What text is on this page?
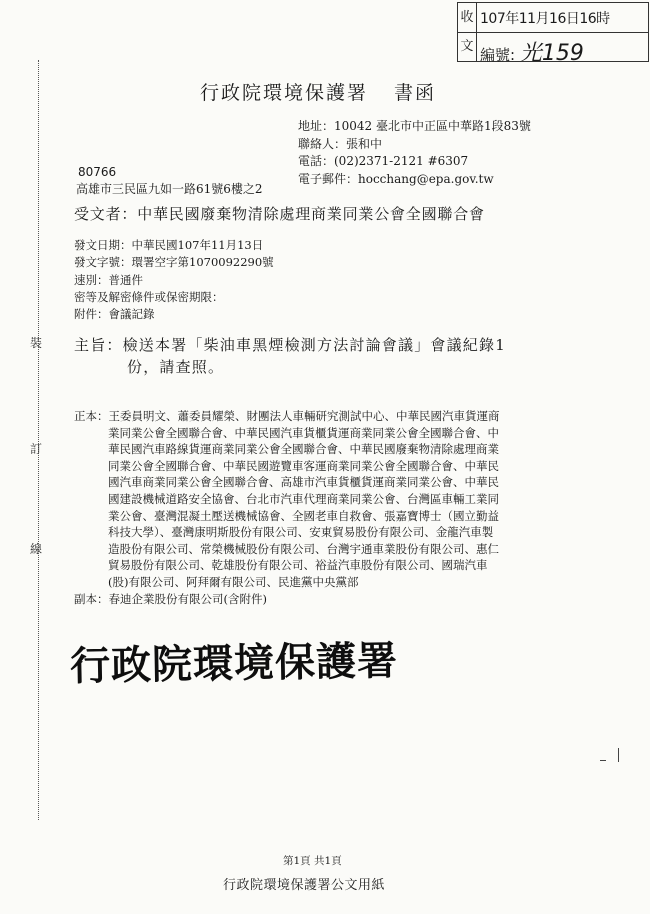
收 107年11月16日16時
文 編號: 光159
裝
訂
線
行政院環境保護署 書函
地址：10042 臺北市中正區中華路1段83號
聯絡人：張和中
電話：(02)2371-2121 #6307
電子郵件：hocchang@epa.gov.tw
80766
高雄市三民區九如一路61號6樓之2
受文者：中華民國廢棄物清除處理商業同業公會全國聯合會
發文日期：中華民國107年11月13日
發文字號：環署空字第1070092290號
速別：普通件
密等及解密條件或保密期限：
附件：會議記錄
主旨：檢送本署「柴油車黑煙檢測方法討論會議」會議紀錄1
份，請查照。
正本：王委員明文、蕭委員耀榮、財團法人車輛研究測試中心、中華民國汽車貨運商
業同業公會全國聯合會、中華民國汽車貨櫃貨運商業同業公會全國聯合會、中
華民國汽車路線貨運商業同業公會全國聯合會、中華民國廢棄物清除處理商業
同業公會全國聯合會、中華民國遊覽車客運商業同業公會全國聯合會、中華民
國汽車商業同業公會全國聯合會、高雄市汽車貨櫃貨運商業同業公會、中華民
國建設機械道路安全協會、台北市汽車代理商業同業公會、台灣區車輛工業同
業公會、臺灣混凝土壓送機械協會、全國老車自救會、張嘉寶博士（國立勤益
科技大學）、臺灣康明斯股份有限公司、安東貿易股份有限公司、金龍汽車製
造股份有限公司、常榮機械股份有限公司、台灣宇通車業股份有限公司、惠仁
貿易股份有限公司、乾雄股份有限公司、裕益汽車股份有限公司、國瑞汽車
(股)有限公司、阿拜爾有限公司、民進黨中央黨部
副本：春迪企業股份有限公司(含附件)
行政院環境保護署
第1頁 共1頁
行政院環境保護署公文用紙
